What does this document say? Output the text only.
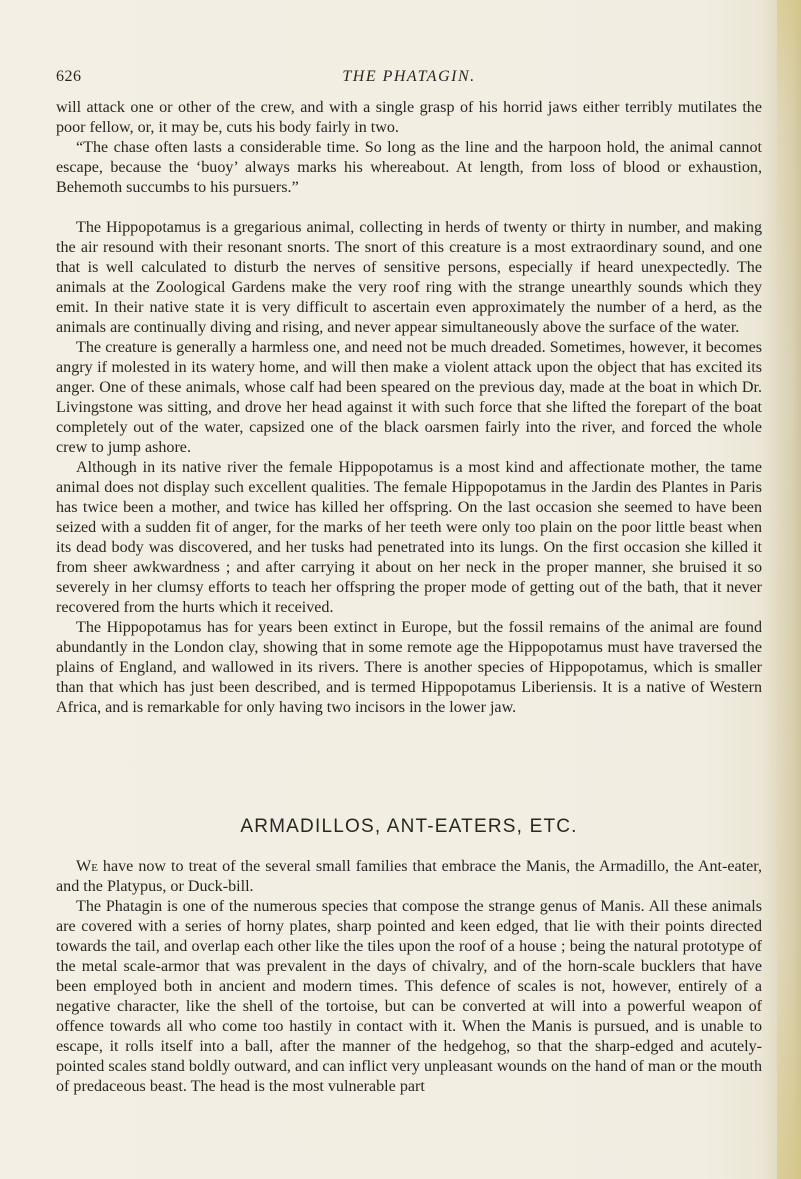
626	THE PHATAGIN.

will attack one or other of the crew, and with a single grasp of his horrid jaws either terribly mutilates the poor fellow, or, it may be, cuts his body fairly in two.

“The chase often lasts a considerable time. So long as the line and the harpoon hold, the animal cannot escape, because the ‘buoy’ always marks his whereabout. At length, from loss of blood or exhaustion, Behemoth succumbs to his pursuers.”

The Hippopotamus is a gregarious animal, collecting in herds of twenty or thirty in number, and making the air resound with their resonant snorts. The snort of this creature is a most extraordinary sound, and one that is well calculated to disturb the nerves of sensitive persons, especially if heard unexpectedly. The animals at the Zoological Gardens make the very roof ring with the strange unearthly sounds which they emit. In their native state it is very difficult to ascertain even approximately the number of a herd, as the animals are continually diving and rising, and never appear simultaneously above the surface of the water.

The creature is generally a harmless one, and need not be much dreaded. Sometimes, however, it becomes angry if molested in its watery home, and will then make a violent attack upon the object that has excited its anger. One of these animals, whose calf had been speared on the previous day, made at the boat in which Dr. Livingstone was sitting, and drove her head against it with such force that she lifted the forepart of the boat completely out of the water, capsized one of the black oarsmen fairly into the river, and forced the whole crew to jump ashore.

Although in its native river the female Hippopotamus is a most kind and affectionate mother, the tame animal does not display such excellent qualities. The female Hippopotamus in the Jardin des Plantes in Paris has twice been a mother, and twice has killed her offspring. On the last occasion she seemed to have been seized with a sudden fit of anger, for the marks of her teeth were only too plain on the poor little beast when its dead body was discovered, and her tusks had penetrated into its lungs. On the first occasion she killed it from sheer awkwardness ; and after carrying it about on her neck in the proper manner, she bruised it so severely in her clumsy efforts to teach her offspring the proper mode of getting out of the bath, that it never recovered from the hurts which it received.

The Hippopotamus has for years been extinct in Europe, but the fossil remains of the animal are found abundantly in the London clay, showing that in some remote age the Hippopotamus must have traversed the plains of England, and wallowed in its rivers. There is another species of Hippopotamus, which is smaller than that which has just been described, and is termed Hippopotamus Liberiensis. It is a native of Western Africa, and is remarkable for only having two incisors in the lower jaw.

ARMADILLOS, ANT-EATERS, ETC.

We have now to treat of the several small families that embrace the Manis, the Armadillo, the Ant-eater, and the Platypus, or Duck-bill.

The Phatagin is one of the numerous species that compose the strange genus of Manis. All these animals are covered with a series of horny plates, sharp pointed and keen edged, that lie with their points directed towards the tail, and overlap each other like the tiles upon the roof of a house ; being the natural prototype of the metal scale-armor that was prevalent in the days of chivalry, and of the horn-scale bucklers that have been employed both in ancient and modern times. This defence of scales is not, however, entirely of a negative character, like the shell of the tortoise, but can be converted at will into a powerful weapon of offence towards all who come too hastily in contact with it. When the Manis is pursued, and is unable to escape, it rolls itself into a ball, after the manner of the hedgehog, so that the sharp-edged and acutely-pointed scales stand boldly outward, and can inflict very unpleasant wounds on the hand of man or the mouth of predaceous beast. The head is the most vulnerable part
